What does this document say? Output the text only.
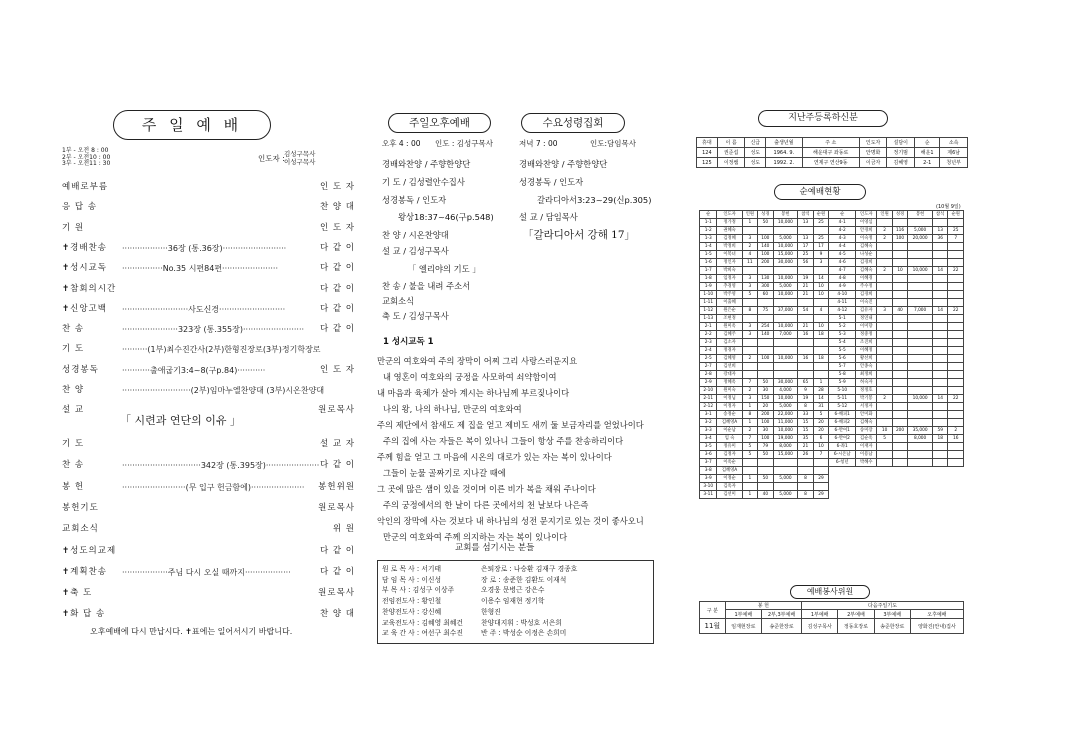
주 일 예 배
1부 - 오전 8 : 00
2부 - 오전10 : 00
3부 - 오전11 : 30
인도자 : 김성구목사
이성구목사
예배로부름	인 도 자
응 답 송	찬 양 대
기 원	인 도 자
✝경배찬송 ··················36장 (통.36장)·························	다 같 이
✝성시교독 ················No.35 시편84편······················	다 같 이
✝참회의시간	다 같 이
✝신앙고백 ··························사도신경··························	다 같 이
찬 송	······················323장 (통.355장)························ 다 같 이
기 도	··········(1부)최수진간사(2부)한형진장로(3부)정기학장로
성경봉독	···········출애굽기3:4~8(구p.84)···········	인 도 자
찬 양	···························(2부)임마누엘찬양대 (3부)시온찬양대
설 교	원로목사
「 시련과 연단의 이유 」
기 도	설 교 자
찬 송	·······························342장 (통.395장)····················· 다 같 이
봉 헌	·························(무 입구 헌금함에)····················· 봉헌위원
봉헌기도	원로목사
교회소식	위 원
✝성도의교제	다 같 이
✝계획찬송 ··················주님 다시 오실 때까지··················	다 같 이
✝축 도	원로목사
✝화 답 송	찬 양 대
오후예배에 다시 만납시다. ✝표에는 일어서시기 바랍니다.
주일오후예배
오후 4 : 00 인도 : 김성구목사
경배와찬양 / 주향한양단
기 도 / 김성렬안수집사
성경봉독 / 인도자
왕상18:37~46(구p.548)
찬 양 / 시온찬양대
설 교 / 김성구목사
「 엘리야의 기도 」
찬 송 / 불을 내려 주소서
교회소식
축 도 / 김성구목사
수요성령집회
저녁 7 : 00	인도:담임목사
경배와찬양 / 주향한양단
성경봉독 / 인도자
갈라디아서3:23~29(신p.305)
설 교 / 담임목사
「갈라디아서 강해 17」
1 성시교독 1
만군의 여호와여 주의 장막이 어찌 그리 사랑스러운지요
내 영혼이 여호와의 궁정을 사모하여 쇠약함이여
내 마음과 육체가 살아 계시는 하나님께 부르짖나이다
나의 왕, 나의 하나님, 만군의 여호와여
주의 제단에서 참새도 제 집을 얻고 제비도 새끼 둘 보금자리를 얻었나이다
주의 집에 사는 자들은 복이 있나니 그들이 항상 주를 찬송하리이다
주께 힘을 얻고 그 마음에 시온의 대로가 있는 자는 복이 있나이다
그들이 눈물 골짜기로 지나갈 때에
그 곳에 많은 샘이 있을 것이며 이른 비가 복을 채워 주나이다
주의 궁정에서의 한 날이 다른 곳에서의 천 날보다 나은즉
악인의 장막에 사는 것보다 내 하나님의 성전 문지기로 있는 것이 좋사오니
만군의 여호와여 주께 의지하는 자는 복이 있나이다
교회를 섬기시는 분들
원 로 목 사 : 서기태	은퇴장로 : 나승환 김재구 경종호
담 임 목 사 : 이신성	장 로 : 송준한 김환도 이재석
부 목 사 : 김성구 이상주	오경웅 문병근 강은수
전임전도사 : 황인철	이용수 임재현 정기학
찬양전도사 : 강신혜	한형진
교육전도사 : 김혜영 최혜건	찬양대지휘 : 박성호 서은희
교 육 간 사 : 여선구 최수진	반 주 : 박성순 이정은 손희미
지난주등록하신분
휴대	이 름	신급	출생년월	주 소	인도자	설담이	순	소속
124	권준섭	성도	1964. 9.	해운대구 좌동로	안명화	정기범	해운1	제6남
125	이정쌤	성도	1992. 2.	연제구 연산9동	이금자	김혜영	2-1	청년부
순예배현황
(10월 9일)
순	인도자	인원	성경	봉헌	참석	순원	순	인도자	인원	성경	봉헌	참석	순원
1-1	정가정	1	50	10,000	13	25	4-1	이영심					
1-2	권혜숙						4-2	안경희	2	116	5,000	13	25
1-3	김정혜	3	100	5,000	13	25	4-3	이숙정	2	100	20,000	36	7
1-4	박정희	2	140	10,000	17	17	4-4	김혜숙					
1-5	이복녀	4	100	15,000	25	9	4-5	나성순					
1-6	정인자	11	200	30,000	56	3	4-6	김경희					
1-7	박희숙						4-7	김혜숙	2	10	10,000	14	22
1-8	임정자	3	130	10,000	19	14	4-8	이혜경					
1-9	추경영	3	300	5,000	21	10	4-9	주수정					
1-10	박주영	5	60	10,000	21	10	4-10	김경희					
1-11	이출혜						4-11	이숙진					
1-12	원은순	8	75	37,000	54	4	4-12	김유자	3	40	7,000	14	22
1-13	조현정						5-1	정연내					
2-1	원미옥	3	254	10,000	21	10	5-2	이미향					
2-2	김혜주	3	140	7,000	16	18	5-3	정중정					
2-3	김소자						5-4	조진희					
2-4	정경자						5-5	이혜정					
2-5	김혜영	2	100	10,000	16	18	5-6	황선희					
2-7	김선희						5-7	안종숙					
2-8	강대자						5-8	최정희					
2-9	정혜옥	7	50	30,000	65	1	5-9	허숙자					
2-10	원미숙	2	30	4,000	9	28	5-10	정정호					
2-11	이정님	3	150	10,000	19	14	5-11	박기봉	2		10,000	14	22
2-12	이정자	1	20	5,000	8	31	5-12	서정자					
3-1	송정순	8	200	22,000	33	5	6-해피1	안미화					
3-2	김혜영A	1	100	11,000	15	20	6-해피2	김혜숙					
3-3	이순남	2	30	10,000	15	20	6-반여1	송미장	10	200	35,000	59	2
3-4	임 숙	7	100	19,000	35	6	6-반여2	김순옥	5		8,000	18	16
3-5	정유미	5	79	8,000	21	10	6-좌1	이재자					
3-6	김정자	5	50	15,000	26	7	6-시온남	이용남					
3-7	이옥순						6-청년	박혜수					
3-8	김혜영A												
3-9	이정순	1	50	5,000	8	29							
3-10	김옥자												
3-11	김선미	1	40	5,000	8	29							
예배봉사위원
구 분	봉 헌		다음주일기도			
	1부예배	2부,3부예배	1부예배	2부예배	3부예배	오후예배
11월	임재현장로	송준한장로	김성구목사	정동호장로	송준한장로	양화진(안내)집사
